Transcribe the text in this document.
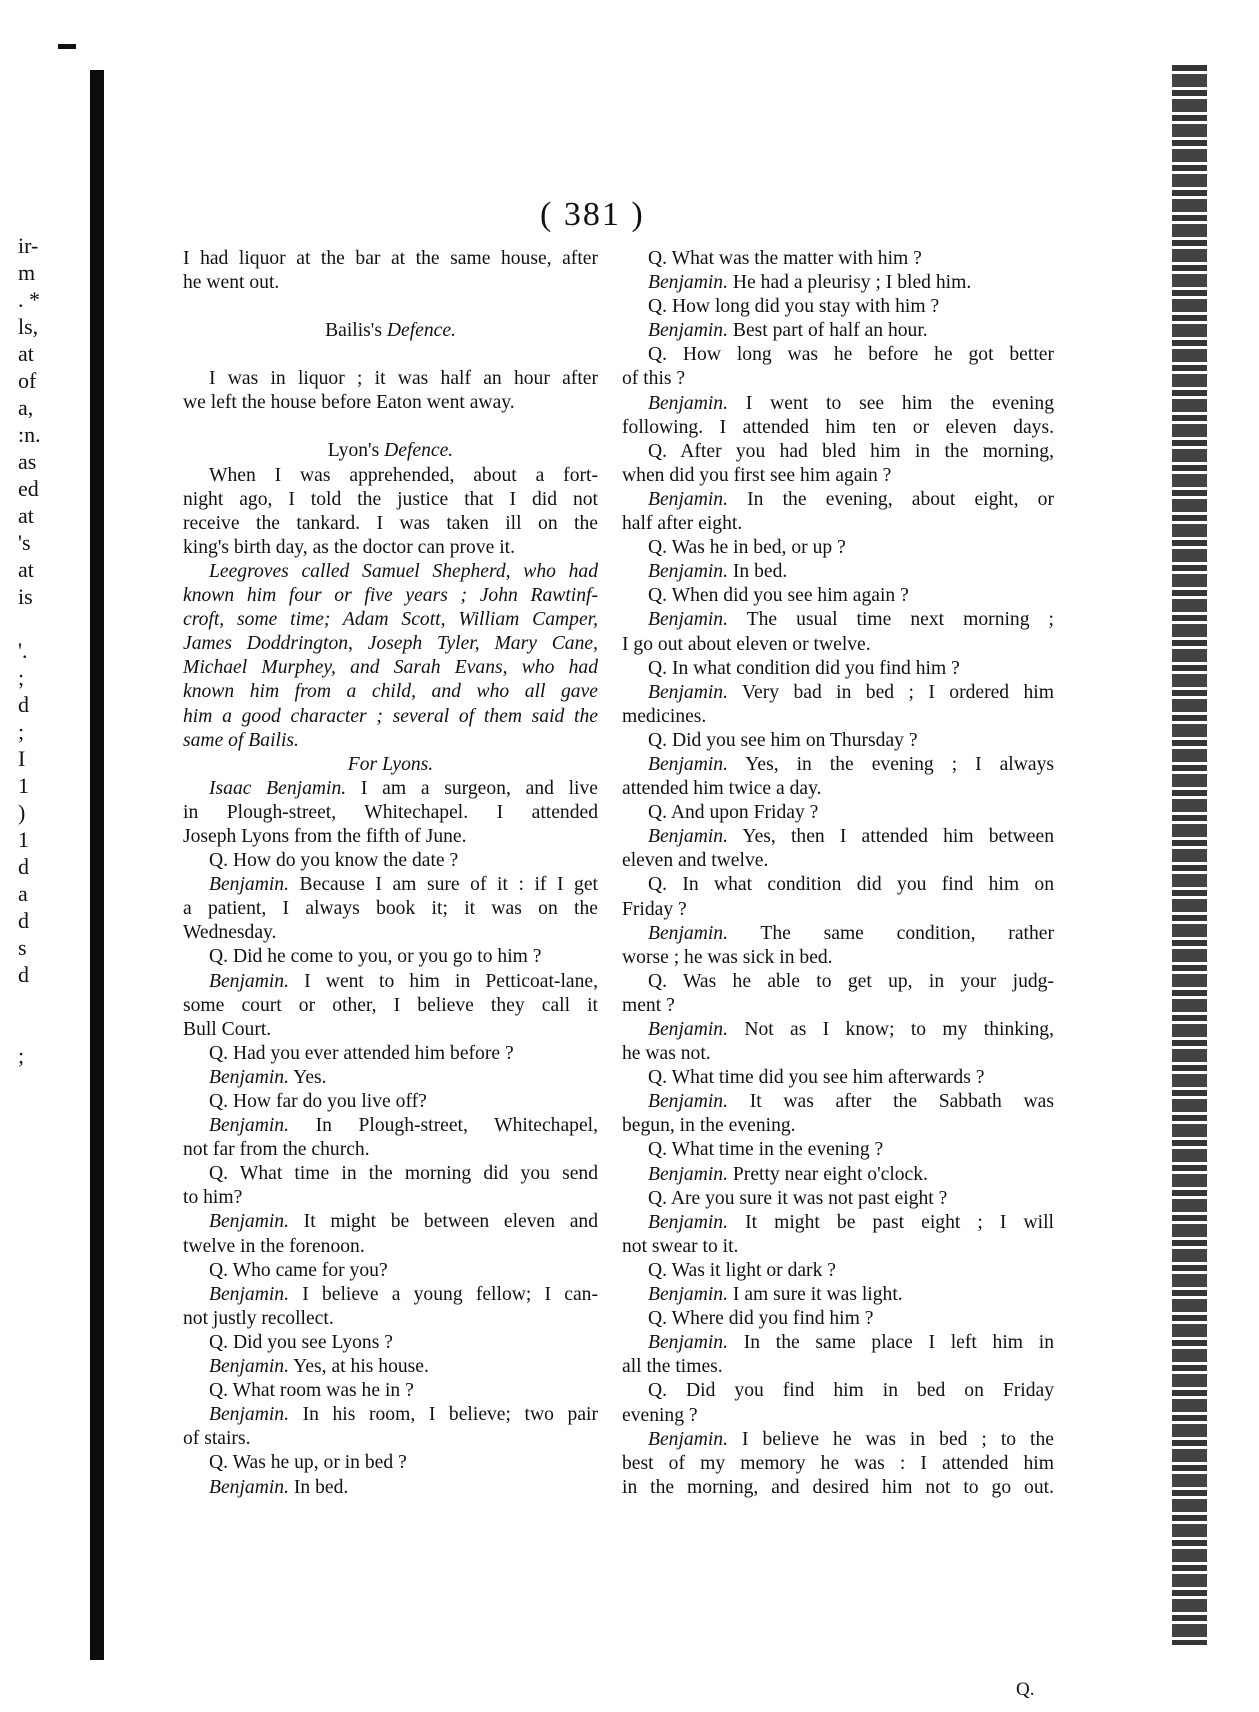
ir-
m
. *
ls,
at
of
a,
:n.
as
ed
at
's
at
is
'.
;
d
;
I
1
)
1
d
a
d
s
d
;
( 381 )
I had liquor at the bar at the same house, after
he went out.
Bailis's Defence.
I was in liquor ; it was half an hour after
we left the house before Eaton went away.
Lyon's Defence.
When I was apprehended, about a fort-
night ago, I told the justice that I did not
receive the tankard. I was taken ill on the
king's birth day, as the doctor can prove it.
Leegroves called Samuel Shepherd, who had
known him four or five years ; John Rawtinf-
croft, some time; Adam Scott, William Camper,
James Doddrington, Joseph Tyler, Mary Cane,
Michael Murphey, and Sarah Evans, who had
known him from a child, and who all gave
him a good character ; several of them said the
same of Bailis.
For Lyons.
Isaac Benjamin. I am a surgeon, and live
in Plough-street, Whitechapel. I attended
Joseph Lyons from the fifth of June.
Q. How do you know the date ?
Benjamin. Because I am sure of it : if I get
a patient, I always book it; it was on the
Wednesday.
Q. Did he come to you, or you go to him ?
Benjamin. I went to him in Petticoat-lane,
some court or other, I believe they call it
Bull Court.
Q. Had you ever attended him before ?
Benjamin. Yes.
Q. How far do you live off?
Benjamin. In Plough-street, Whitechapel,
not far from the church.
Q. What time in the morning did you send
to him?
Benjamin. It might be between eleven and
twelve in the forenoon.
Q. Who came for you?
Benjamin. I believe a young fellow; I can-
not justly recollect.
Q. Did you see Lyons ?
Benjamin. Yes, at his house.
Q. What room was he in ?
Benjamin. In his room, I believe; two pair
of stairs.
Q. Was he up, or in bed ?
Benjamin. In bed.
Q. What was the matter with him ?
Benjamin. He had a pleurisy ; I bled him.
Q. How long did you stay with him ?
Benjamin. Best part of half an hour.
Q. How long was he before he got better
of this ?
Benjamin. I went to see him the evening
following. I attended him ten or eleven days.
Q. After you had bled him in the morning,
when did you first see him again ?
Benjamin. In the evening, about eight, or
half after eight.
Q. Was he in bed, or up ?
Benjamin. In bed.
Q. When did you see him again ?
Benjamin. The usual time next morning ;
I go out about eleven or twelve.
Q. In what condition did you find him ?
Benjamin. Very bad in bed ; I ordered him
medicines.
Q. Did you see him on Thursday ?
Benjamin. Yes, in the evening ; I always
attended him twice a day.
Q. And upon Friday ?
Benjamin. Yes, then I attended him between
eleven and twelve.
Q. In what condition did you find him on
Friday ?
Benjamin. The same condition, rather
worse ; he was sick in bed.
Q. Was he able to get up, in your judg-
ment ?
Benjamin. Not as I know; to my thinking,
he was not.
Q. What time did you see him afterwards ?
Benjamin. It was after the Sabbath was
begun, in the evening.
Q. What time in the evening ?
Benjamin. Pretty near eight o'clock.
Q. Are you sure it was not past eight ?
Benjamin. It might be past eight ; I will
not swear to it.
Q. Was it light or dark ?
Benjamin. I am sure it was light.
Q. Where did you find him ?
Benjamin. In the same place I left him in
all the times.
Q. Did you find him in bed on Friday
evening ?
Benjamin. I believe he was in bed ; to the
best of my memory he was : I attended him
in the morning, and desired him not to go out.
Q.
